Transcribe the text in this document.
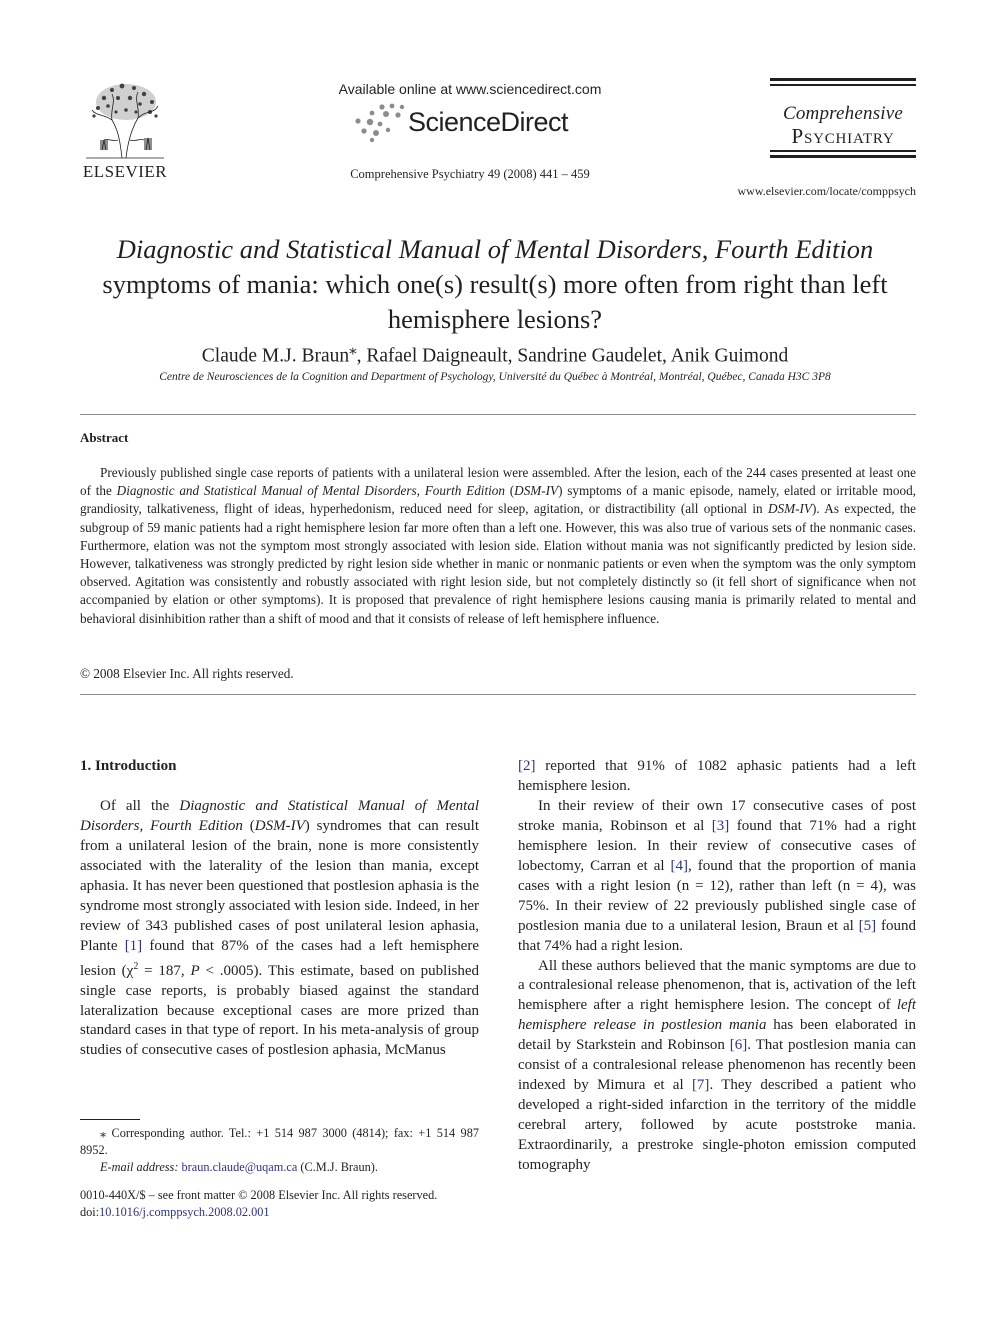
ELSEVIER
Available online at www.sciencedirect.com
ScienceDirect
Comprehensive Psychiatry 49 (2008) 441 – 459
Comprehensive
Psychiatry
www.elsevier.com/locate/comppsych
Diagnostic and Statistical Manual of Mental Disorders, Fourth Edition
symptoms of mania: which one(s) result(s) more often from right than left hemisphere lesions?
Claude M.J. Braun⁎, Rafael Daigneault, Sandrine Gaudelet, Anik Guimond
Centre de Neurosciences de la Cognition and Department of Psychology, Université du Québec à Montréal, Montréal, Québec, Canada H3C 3P8
Abstract
Previously published single case reports of patients with a unilateral lesion were assembled. After the lesion, each of the 244 cases presented at least one of the Diagnostic and Statistical Manual of Mental Disorders, Fourth Edition (DSM-IV) symptoms of a manic episode, namely, elated or irritable mood, grandiosity, talkativeness, flight of ideas, hyperhedonism, reduced need for sleep, agitation, or distractibility (all optional in DSM-IV). As expected, the subgroup of 59 manic patients had a right hemisphere lesion far more often than a left one. However, this was also true of various sets of the nonmanic cases. Furthermore, elation was not the symptom most strongly associated with lesion side. Elation without mania was not significantly predicted by lesion side. However, talkativeness was strongly predicted by right lesion side whether in manic or nonmanic patients or even when the symptom was the only symptom observed. Agitation was consistently and robustly associated with right lesion side, but not completely distinctly so (it fell short of significance when not accompanied by elation or other symptoms). It is proposed that prevalence of right hemisphere lesions causing mania is primarily related to mental and behavioral disinhibition rather than a shift of mood and that it consists of release of left hemisphere influence.
© 2008 Elsevier Inc. All rights reserved.
1. Introduction

Of all the Diagnostic and Statistical Manual of Mental Disorders, Fourth Edition (DSM-IV) syndromes that can result from a unilateral lesion of the brain, none is more consistently associated with the laterality of the lesion than mania, except aphasia. It has never been questioned that postlesion aphasia is the syndrome most strongly associated with lesion side. Indeed, in her review of 343 published cases of post unilateral lesion aphasia, Plante [1] found that 87% of the cases had a left hemisphere lesion ($\chi^2 = 187$, P < .0005). This estimate, based on published single case reports, is probably biased against the standard lateralization because exceptional cases are more prized than standard cases in that type of report. In his meta-analysis of group studies of consecutive cases of postlesion aphasia, McManus

⁎ Corresponding author. Tel.: +1 514 987 3000 (4814); fax: +1 514 987 8952.
E-mail address: braun.claude@uqam.ca (C.M.J. Braun).
0010-440X/$ – see front matter © 2008 Elsevier Inc. All rights reserved.
doi:10.1016/j.comppsych.2008.02.001

[2] reported that 91% of 1082 aphasic patients had a left hemisphere lesion.

In their review of their own 17 consecutive cases of post stroke mania, Robinson et al [3] found that 71% had a right hemisphere lesion. In their review of consecutive cases of lobectomy, Carran et al [4], found that the proportion of mania cases with a right lesion (n = 12), rather than left (n = 4), was 75%. In their review of 22 previously published single case of postlesion mania due to a unilateral lesion, Braun et al [5] found that 74% had a right lesion.

All these authors believed that the manic symptoms are due to a contralesional release phenomenon, that is, activation of the left hemisphere after a right hemisphere lesion. The concept of left hemisphere release in postlesion mania has been elaborated in detail by Starkstein and Robinson [6]. That postlesion mania can consist of a contralesional release phenomenon has recently been indexed by Mimura et al [7]. They described a patient who developed a right-sided infarction in the territory of the middle cerebral artery, followed by acute poststroke mania. Extraordinarily, a prestroke single-photon emission computed tomography
